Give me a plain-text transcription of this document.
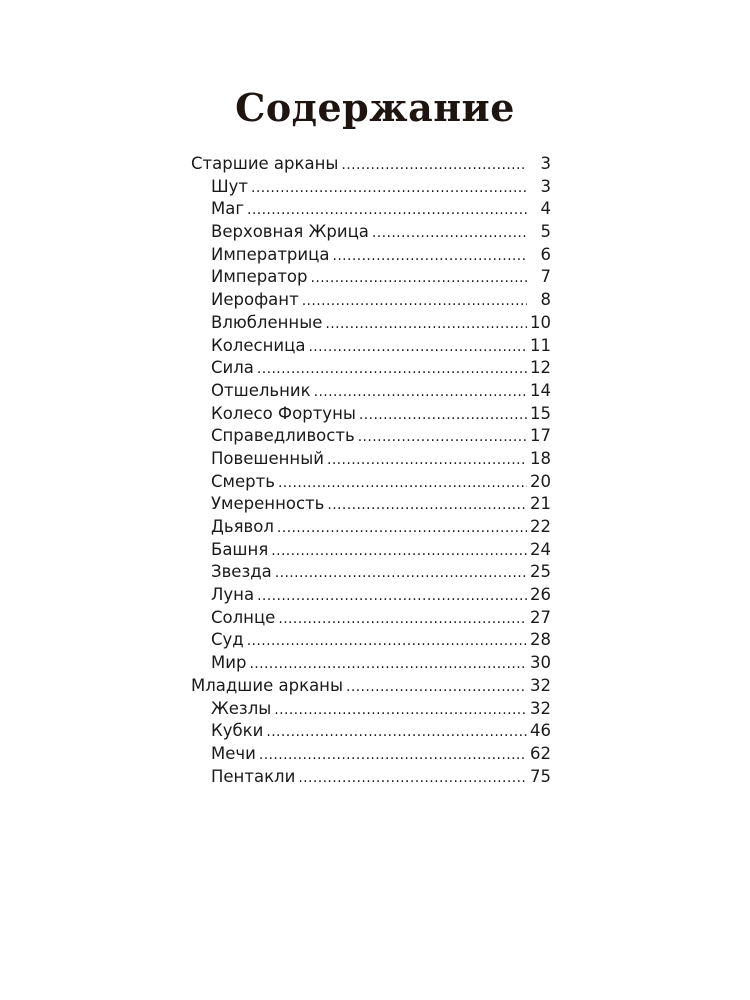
Содержание
Старшие арканы .....	3
Шут .....	3
Маг .....	4
Верховная Жрица .....	5
Императрица .....	6
Император .....	7
Иерофант .....	8
Влюбленные .....	10
Колесница .....	11
Сила .....	12
Отшельник .....	14
Колесо Фортуны .....	15
Справедливость .....	17
Повешенный .....	18
Смерть .....	20
Умеренность .....	21
Дьявол .....	22
Башня .....	24
Звезда .....	25
Луна .....	26
Солнце .....	27
Суд .....	28
Мир .....	30
Младшие арканы .....	32
Жезлы .....	32
Кубки .....	46
Мечи .....	62
Пентакли .....	75
